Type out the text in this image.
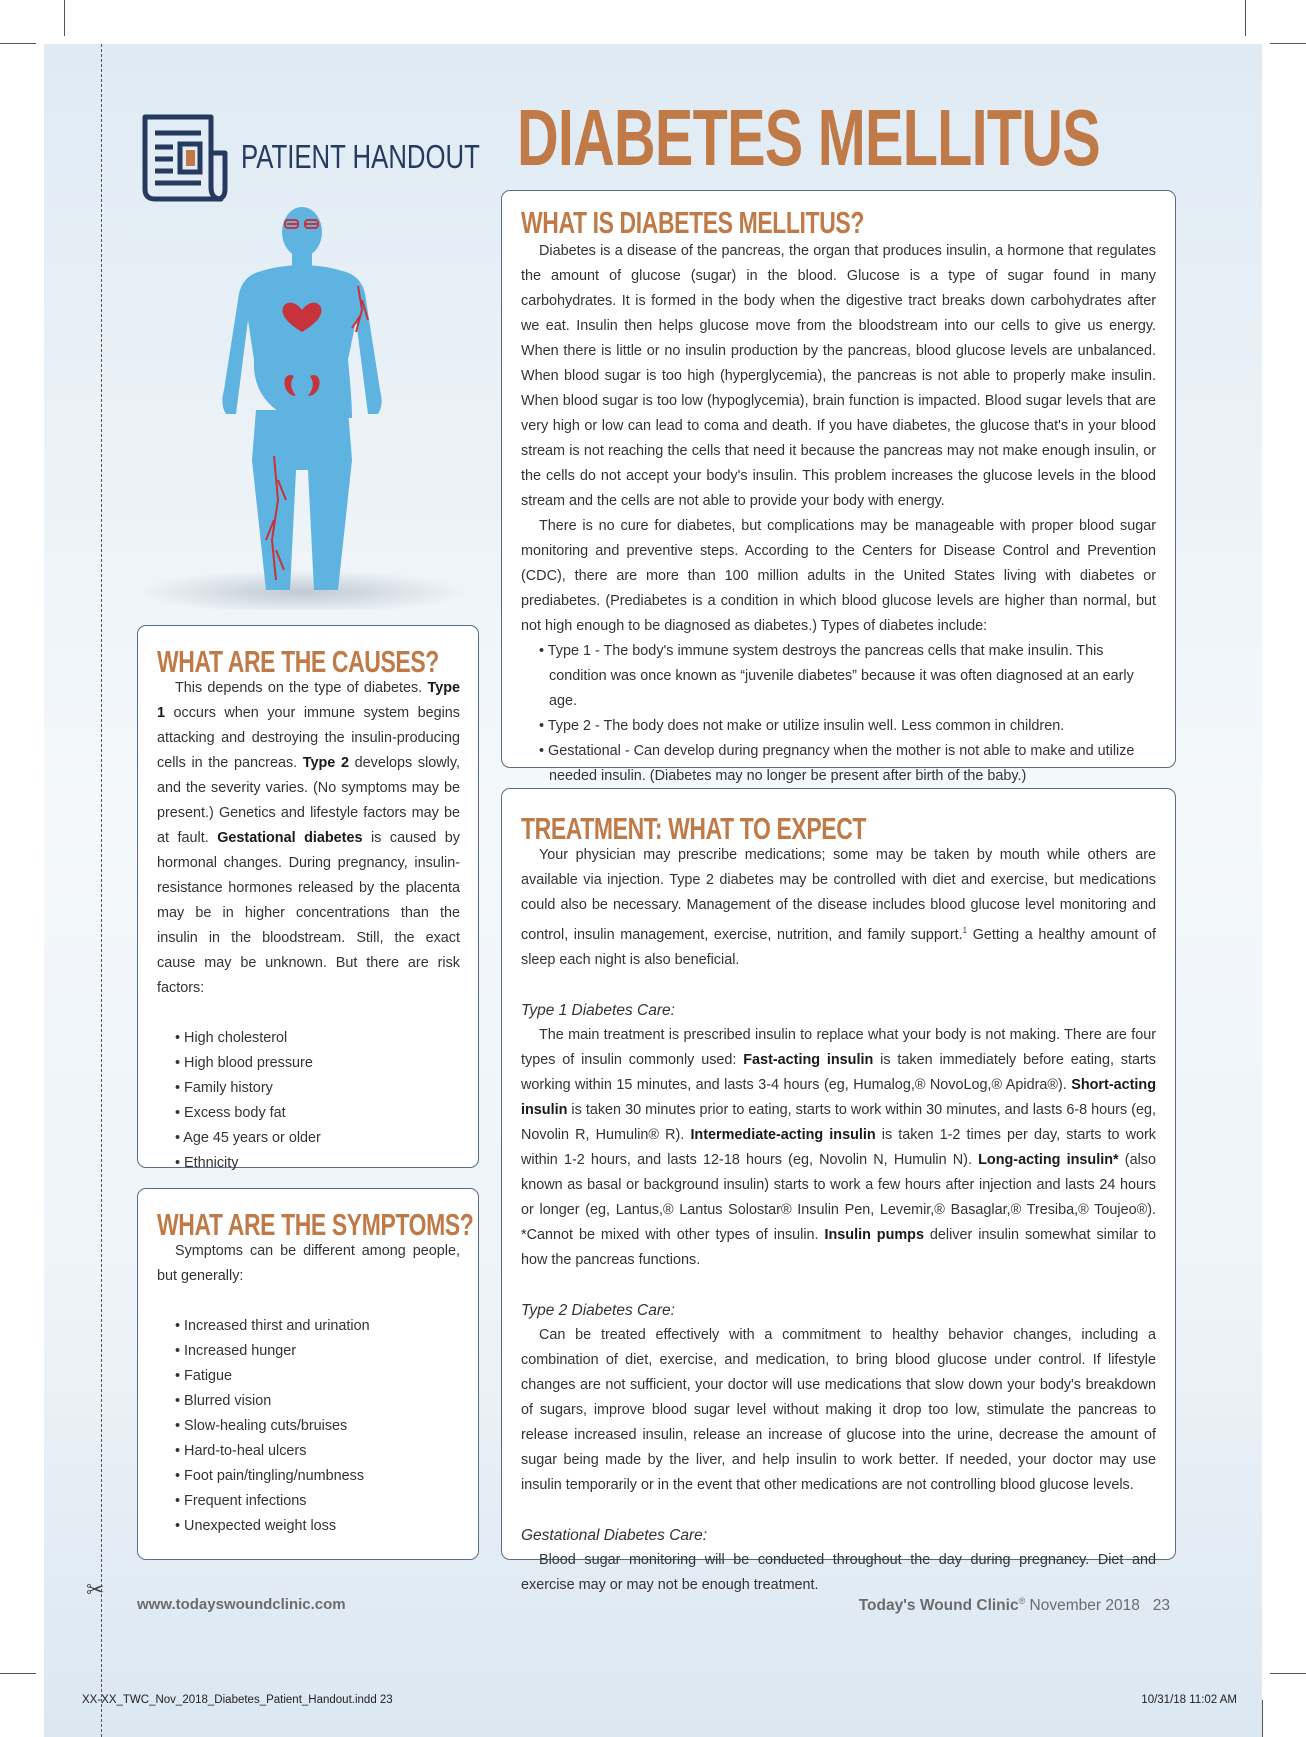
✂
PATIENT HANDOUT DIABETES MELLITUS
WHAT IS DIABETES MELLITUS?
Diabetes is a disease of the pancreas, the organ that produces insulin, a hormone that regulates the amount of glucose (sugar) in the blood. Glucose is a type of sugar found in many carbohydrates. It is formed in the body when the digestive tract breaks down carbohydrates after we eat. Insulin then helps glucose move from the bloodstream into our cells to give us energy. When there is little or no insulin production by the pancreas, blood glucose levels are unbalanced. When blood sugar is too high (hyperglycemia), the pancreas is not able to properly make insulin. When blood sugar is too low (hypoglycemia), brain function is impacted. Blood sugar levels that are very high or low can lead to coma and death. If you have diabetes, the glucose that's in your blood stream is not reaching the cells that need it because the pancreas may not make enough insulin, or the cells do not accept your body's insulin. This problem increases the glucose levels in the blood stream and the cells are not able to provide your body with energy.
There is no cure for diabetes, but complications may be manageable with proper blood sugar monitoring and preventive steps. According to the Centers for Disease Control and Prevention (CDC), there are more than 100 million adults in the United States living with diabetes or prediabetes. (Prediabetes is a condition in which blood glucose levels are higher than normal, but not high enough to be diagnosed as diabetes.) Types of diabetes include:
• Type 1 - The body's immune system destroys the pancreas cells that make insulin. This condition was once known as “juvenile diabetes” because it was often diagnosed at an early age.
• Type 2 - The body does not make or utilize insulin well. Less common in children.
• Gestational - Can develop during pregnancy when the mother is not able to make and utilize needed insulin. (Diabetes may no longer be present after birth of the baby.)
WHAT ARE THE CAUSES?
This depends on the type of diabetes. Type 1 occurs when your immune system begins attacking and destroying the insulin-producing cells in the pancreas. Type 2 develops slowly, and the severity varies. (No symptoms may be present.) Genetics and lifestyle factors may be at fault. Gestational diabetes is caused by hormonal changes. During pregnancy, insulin-resistance hormones released by the placenta may be in higher concentrations than the insulin in the bloodstream. Still, the exact cause may be unknown. But there are risk factors:
• High cholesterol
• High blood pressure
• Family history
• Excess body fat
• Age 45 years or older
• Ethnicity
WHAT ARE THE SYMPTOMS?
Symptoms can be different among people, but generally:
• Increased thirst and urination
• Increased hunger
• Fatigue
• Blurred vision
• Slow-healing cuts/bruises
• Hard-to-heal ulcers
• Foot pain/tingling/numbness
• Frequent infections
• Unexpected weight loss
TREATMENT: WHAT TO EXPECT
Your physician may prescribe medications; some may be taken by mouth while others are available via injection. Type 2 diabetes may be controlled with diet and exercise, but medications could also be necessary. Management of the disease includes blood glucose level monitoring and control, insulin management, exercise, nutrition, and family support.$^1$ Getting a healthy amount of sleep each night is also beneficial.
Type 1 Diabetes Care:
The main treatment is prescribed insulin to replace what your body is not making. There are four types of insulin commonly used: Fast-acting insulin is taken immediately before eating, starts working within 15 minutes, and lasts 3-4 hours (eg, Humalog,® NovoLog,® Apidra®). Short-acting insulin is taken 30 minutes prior to eating, starts to work within 30 minutes, and lasts 6-8 hours (eg, Novolin R, Humulin® R). Intermediate-acting insulin is taken 1-2 times per day, starts to work within 1-2 hours, and lasts 12-18 hours (eg, Novolin N, Humulin N). Long-acting insulin* (also known as basal or background insulin) starts to work a few hours after injection and lasts 24 hours or longer (eg, Lantus,® Lantus Solostar® Insulin Pen, Levemir,® Basaglar,® Tresiba,® Toujeo®). *Cannot be mixed with other types of insulin. Insulin pumps deliver insulin somewhat similar to how the pancreas functions.
Type 2 Diabetes Care:
Can be treated effectively with a commitment to healthy behavior changes, including a combination of diet, exercise, and medication, to bring blood glucose under control. If lifestyle changes are not sufficient, your doctor will use medications that slow down your body's breakdown of sugars, improve blood sugar level without making it drop too low, stimulate the pancreas to release increased insulin, release an increase of glucose into the urine, decrease the amount of sugar being made by the liver, and help insulin to work better. If needed, your doctor may use insulin temporarily or in the event that other medications are not controlling blood glucose levels.
Gestational Diabetes Care:
Blood sugar monitoring will be conducted throughout the day during pregnancy. Diet and exercise may or may not be enough treatment.
www.todayswoundclinic.com	Today's Wound Clinic® November 2018 23
XX-XX_TWC_Nov_2018_Diabetes_Patient_Handout.indd 23	10/31/18 11:02 AM
